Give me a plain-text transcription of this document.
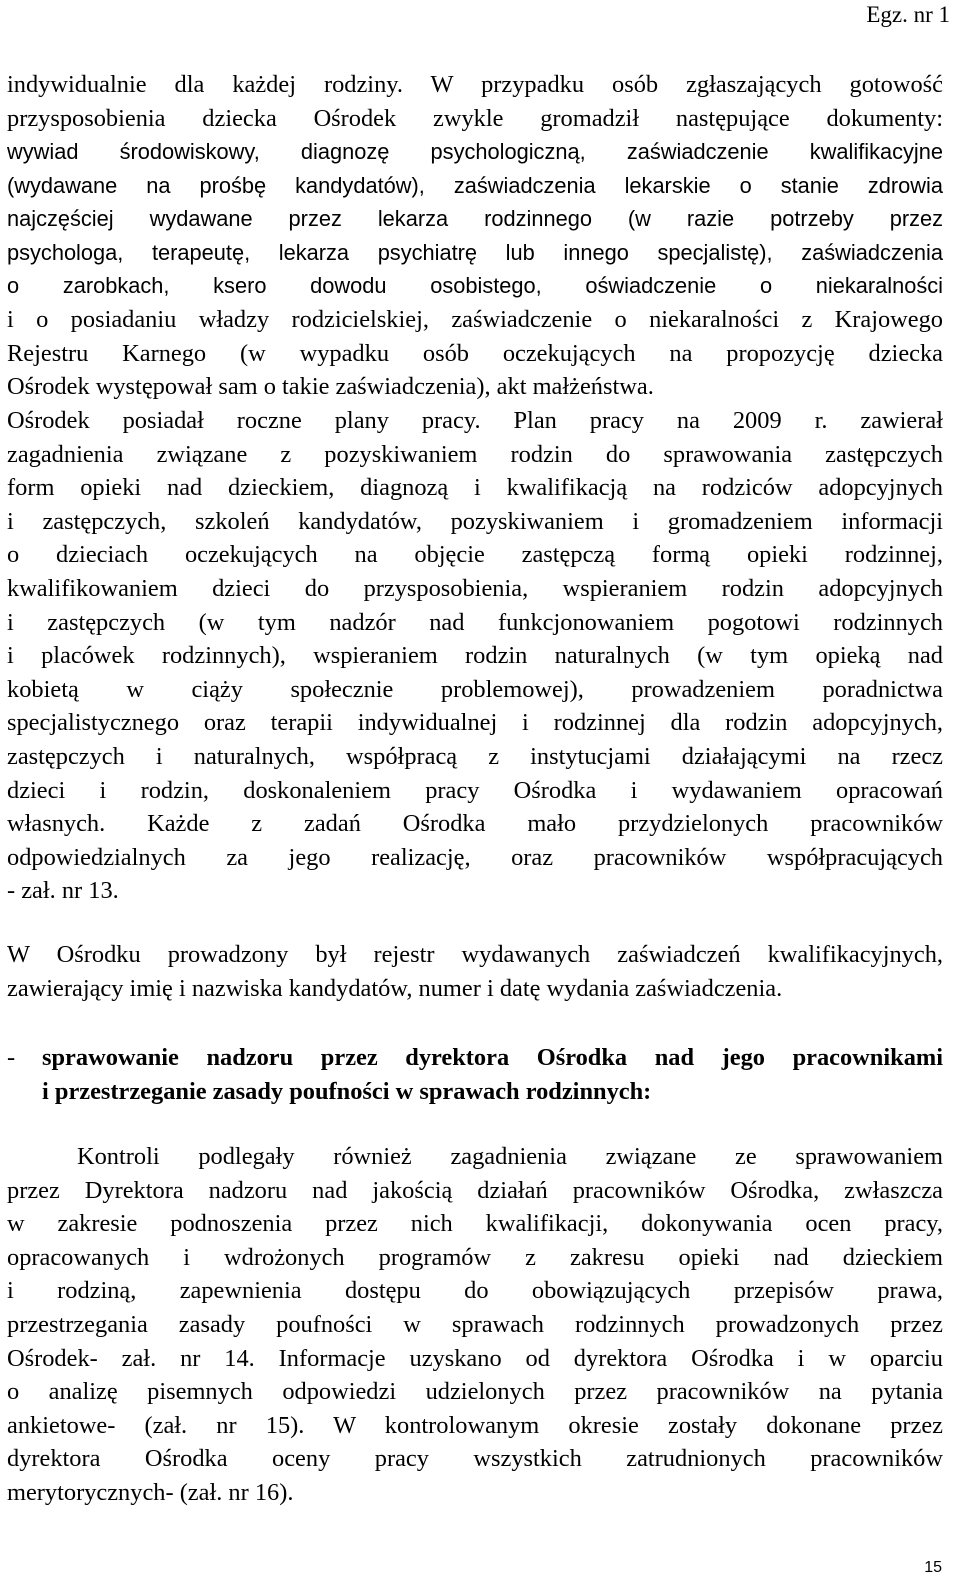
Egz. nr 1
indywidualnie dla każdej rodziny. W przypadku osób zgłaszających gotowość
przysposobienia dziecka Ośrodek zwykle gromadził następujące dokumenty:
wywiad środowiskowy, diagnozę psychologiczną, zaświadczenie kwalifikacyjne
(wydawane na prośbę kandydatów), zaświadczenia lekarskie o stanie zdrowia
najczęściej wydawane przez lekarza rodzinnego (w razie potrzeby przez
psychologa, terapeutę, lekarza psychiatrę lub innego specjalistę), zaświadczenia
o zarobkach, ksero dowodu osobistego, oświadczenie o niekaralności
i o posiadaniu władzy rodzicielskiej, zaświadczenie o niekaralności z Krajowego
Rejestru Karnego (w wypadku osób oczekujących na propozycję dziecka
Ośrodek występował sam o takie zaświadczenia), akt małżeństwa.
Ośrodek posiadał roczne plany pracy. Plan pracy na 2009 r. zawierał
zagadnienia związane z pozyskiwaniem rodzin do sprawowania zastępczych
form opieki nad dzieckiem, diagnozą i kwalifikacją na rodziców adopcyjnych
i zastępczych, szkoleń kandydatów, pozyskiwaniem i gromadzeniem informacji
o dzieciach oczekujących na objęcie zastępczą formą opieki rodzinnej,
kwalifikowaniem dzieci do przysposobienia, wspieraniem rodzin adopcyjnych
i zastępczych (w tym nadzór nad funkcjonowaniem pogotowi rodzinnych
i placówek rodzinnych), wspieraniem rodzin naturalnych (w tym opieką nad
kobietą w ciąży społecznie problemowej), prowadzeniem poradnictwa
specjalistycznego oraz terapii indywidualnej i rodzinnej dla rodzin adopcyjnych,
zastępczych i naturalnych, współpracą z instytucjami działającymi na rzecz
dzieci i rodzin, doskonaleniem pracy Ośrodka i wydawaniem opracowań
własnych. Każde z zadań Ośrodka mało przydzielonych pracowników
odpowiedzialnych za jego realizację, oraz pracowników współpracujących
- zał. nr 13.
W Ośrodku prowadzony był rejestr wydawanych zaświadczeń kwalifikacyjnych,
zawierający imię i nazwiska kandydatów, numer i datę wydania zaświadczenia.
- sprawowanie nadzoru przez dyrektora Ośrodka nad jego pracownikami
i przestrzeganie zasady poufności w sprawach rodzinnych:
Kontroli podlegały również zagadnienia związane ze sprawowaniem
przez Dyrektora nadzoru nad jakością działań pracowników Ośrodka, zwłaszcza
w zakresie podnoszenia przez nich kwalifikacji, dokonywania ocen pracy,
opracowanych i wdrożonych programów z zakresu opieki nad dzieckiem
i rodziną, zapewnienia dostępu do obowiązujących przepisów prawa,
przestrzegania zasady poufności w sprawach rodzinnych prowadzonych przez
Ośrodek- zał. nr 14. Informacje uzyskano od dyrektora Ośrodka i w oparciu
o analizę pisemnych odpowiedzi udzielonych przez pracowników na pytania
ankietowe- (zał. nr 15). W kontrolowanym okresie zostały dokonane przez
dyrektora Ośrodka oceny pracy wszystkich zatrudnionych pracowników
merytorycznych- (zał. nr 16).
15
